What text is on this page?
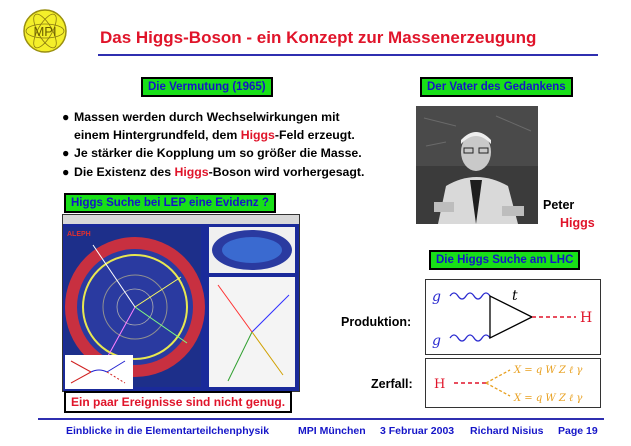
MPI	Das Higgs-Boson - ein Konzept zur Massenerzeugung
Die Vermutung (1965)	Der Vater des Gedankens
● Massen werden durch Wechselwirkungen mit
einem Hintergrundfeld, dem Higgs-Feld erzeugt.
● Je stärker die Kopplung um so größer die Masse.
● Die Existenz des Higgs-Boson wird vorhergesagt.
Peter
Higgs
Higgs Suche bei LEP eine Evidenz ?
ALEPH
Ein paar Ereignisse sind nicht genug.
Die Higgs Suche am LHC
Produktion:
Zerfall:
g
g
t
H
H
X = q W Z ℓ γ
X = q W Z ℓ γ
Einblicke in die Elementarteilchenphysik	MPI München 3 Februar 2003 Richard Nisius Page 19
